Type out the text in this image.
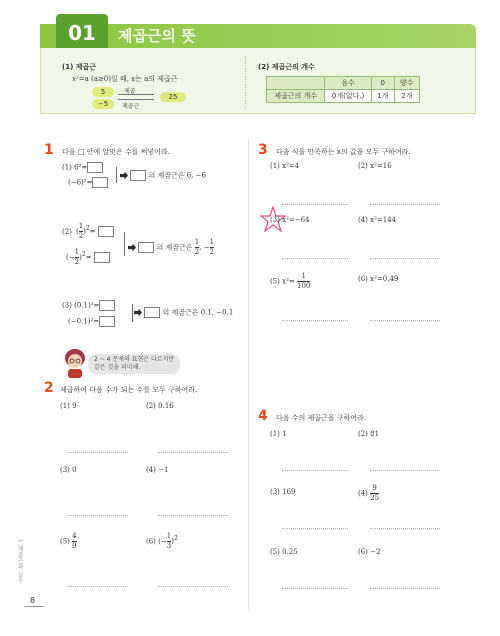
01	제곱근의 뜻
(1) 제곱근
x²=a (a≥0)일 때, x는 a의 제곱근
5
−5
제곱
제곱근
25
(2) 제곱근의 개수
	음수	0	양수
제곱근의 개수	0개(없다.)	1개	2개
1 다음 □ 안에 알맞은 수를 써넣어라.
(1) 6²=
(−6)²=
의 제곱근은 6, −6
(2) $(\frac{1}{2} )^2=$
$(-\frac{1}{2} )^2=$
의 제곱근은 $\frac{1}{2}$ , $-\frac{1}{2}$
(3) (0.1)²=
(−0.1)²=
의 제곱근은 0.1, −0.1
2 ~ 4 문제의 표현은 다르지만
같은 것을 의미해.
2 제곱하여 다음 수가 되는 수를 모두 구하여라.
(1) 9	(2) 0.16
(3) 0	(4) −1
$(5) \frac{4}{9}$	(6) $(-\frac{1}{3} )^2$
3 다음 식을 만족하는 x의 값을 모두 구하여라.
(1) x²=4	(2) x²=16
(3) x²=−64	(4) x²=144
(5) $x^2= \frac{1}{100}$	(6) x²=0.49
4 다음 수의 제곱근을 구하여라.
(1) 1	(2) 81
(3) 169	$(4) \frac{9}{25}$
(5) 0.25	(6) −2
I. 제곱근과 실수
8
